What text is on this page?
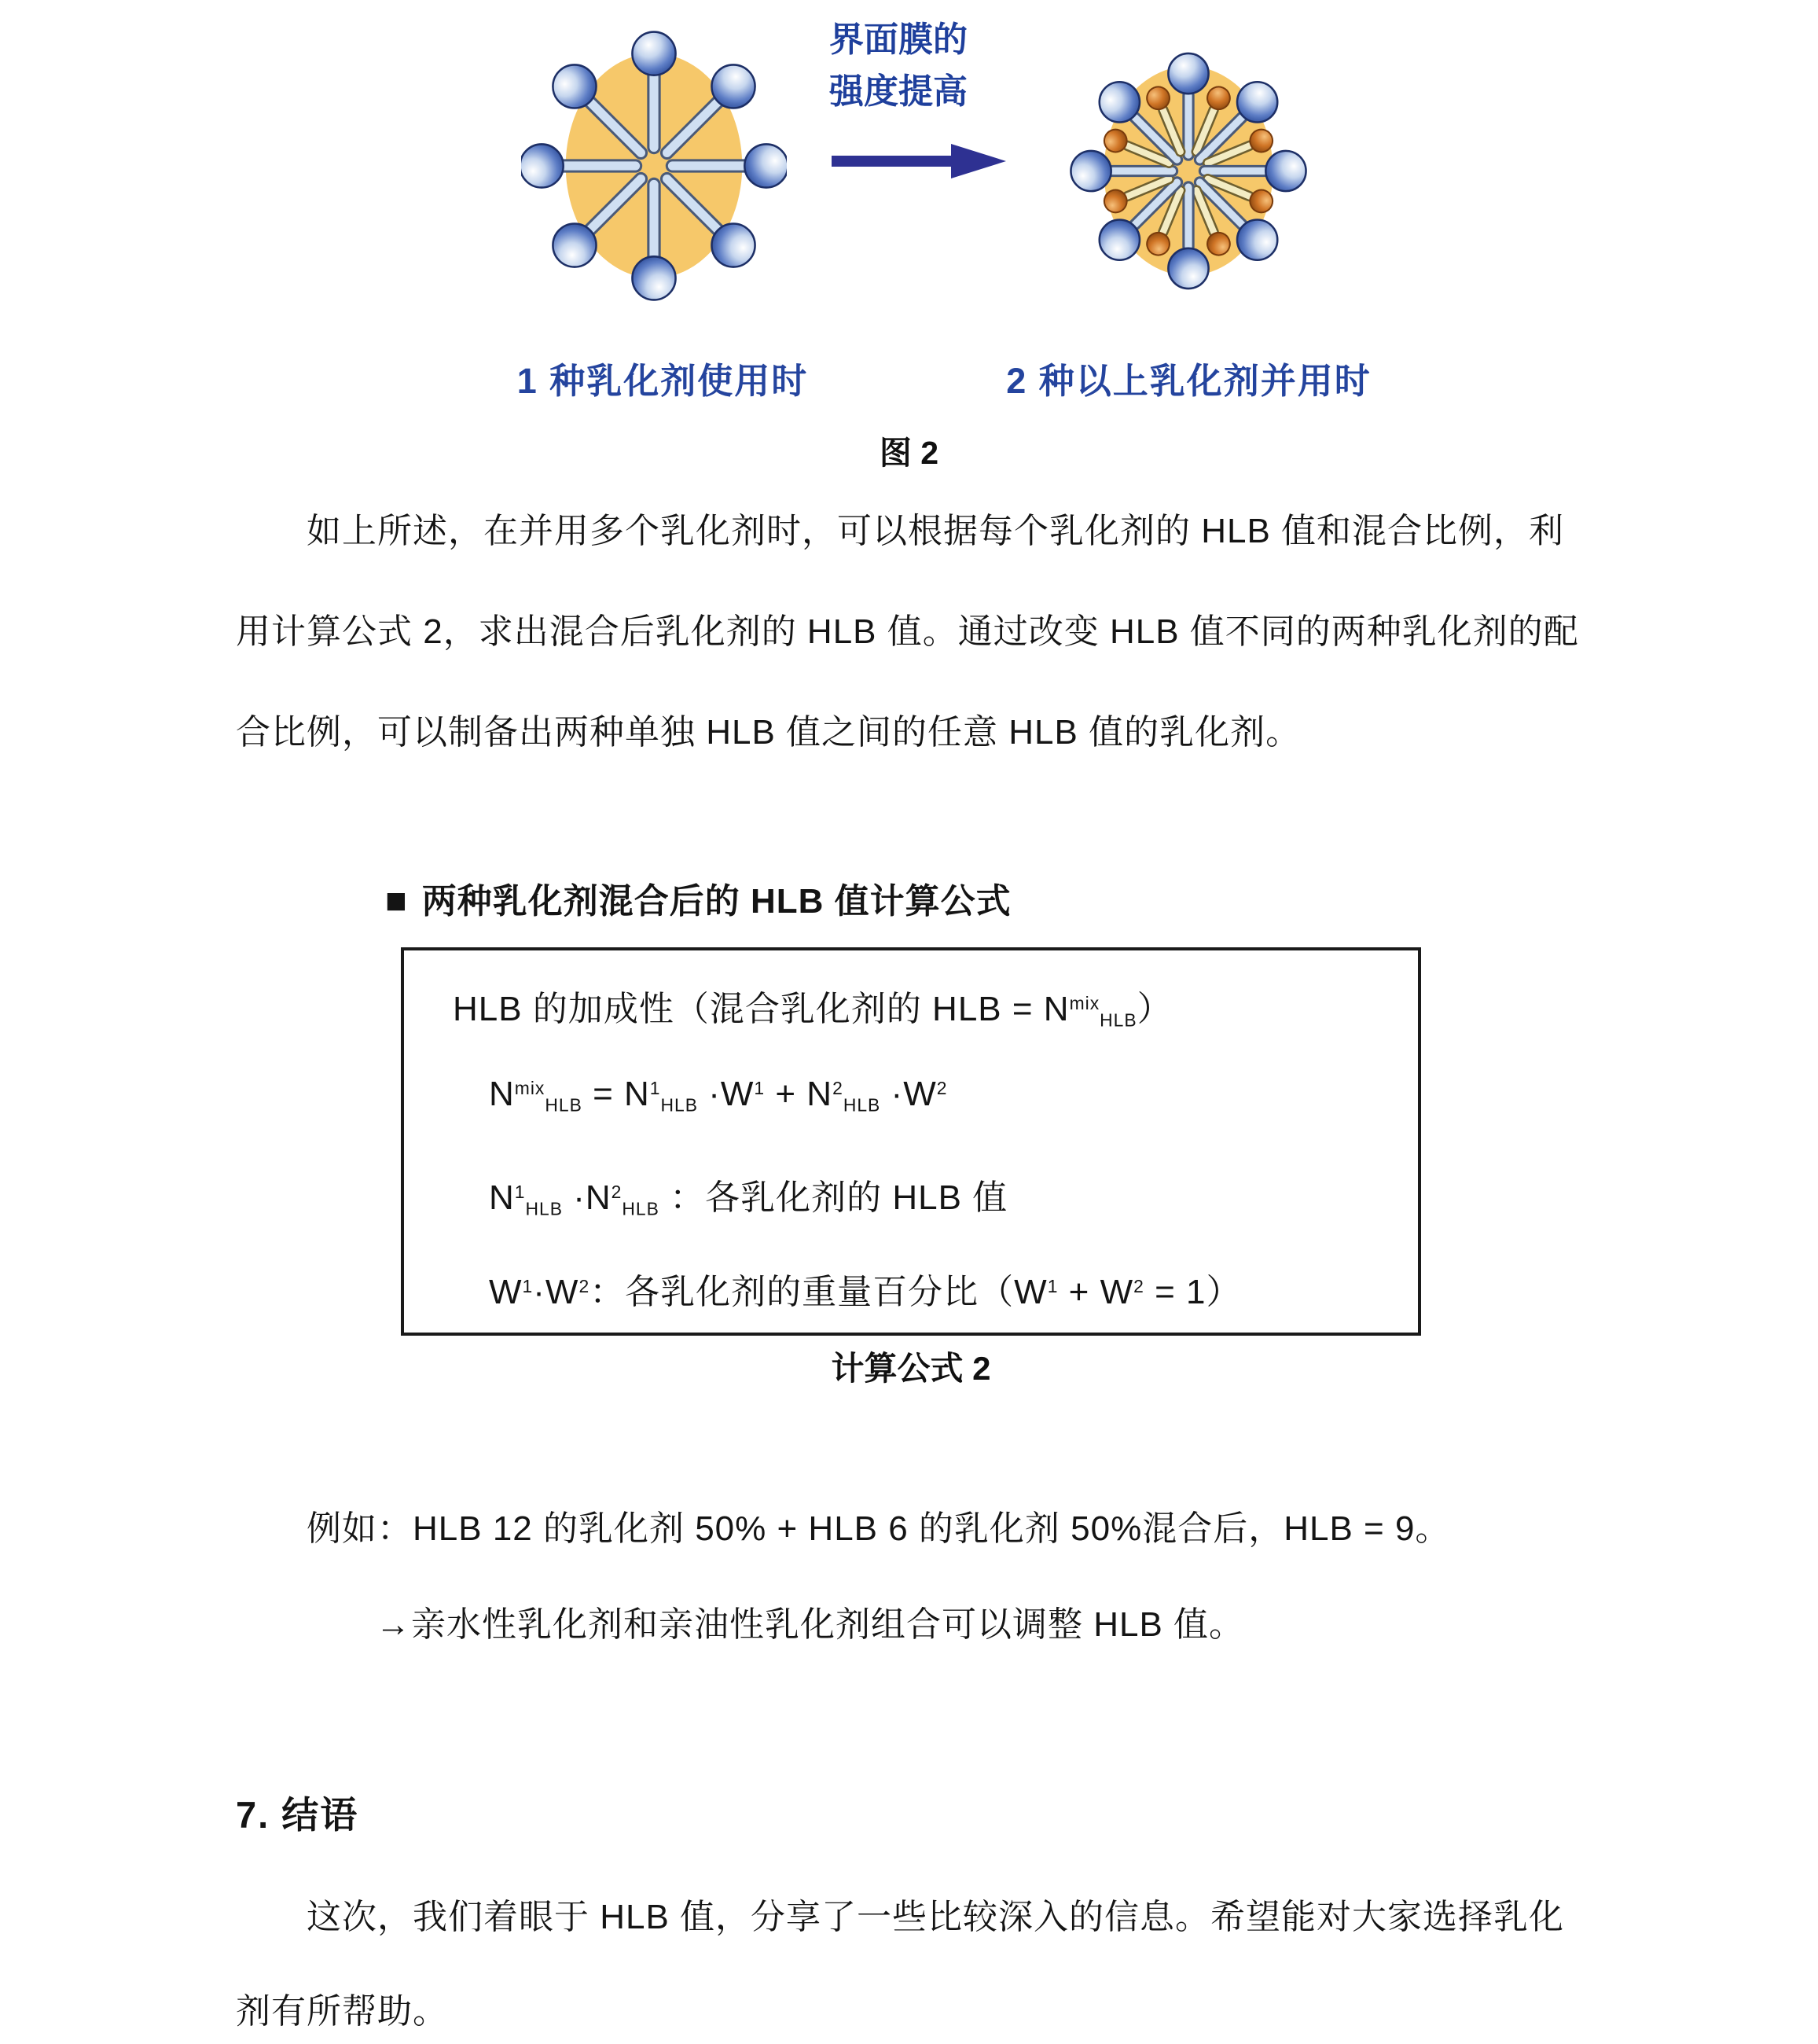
界面膜的
强度提高
1 种乳化剂使用时	2 种以上乳化剂并用时
图 2
如上所述，在并用多个乳化剂时，可以根据每个乳化剂的 HLB 值和混合比例，利
用计算公式 2，求出混合后乳化剂的 HLB 值。通过改变 HLB 值不同的两种乳化剂的配
合比例，可以制备出两种单独 HLB 值之间的任意 HLB 值的乳化剂。
■ 两种乳化剂混合后的 HLB 值计算公式
HLB 的加成性（混合乳化剂的 HLB = $N^{mix}_{HLB}$）
$N^{mix}_{HLB} = N^1_{HLB} \cdot W^1 + N^2_{HLB} \cdot W^2$
$N^1_{HLB} \cdot N^2_{HLB}$ ：各乳化剂的 HLB 值
$W^1\cdot W^2$：各乳化剂的重量百分比$(W^1 + W^2 = 1)$
计算公式 2
例如：HLB 12 的乳化剂 50% + HLB 6 的乳化剂 50%混合后，HLB = 9。
→亲水性乳化剂和亲油性乳化剂组合可以调整 HLB 值。
7. 结语
这次，我们着眼于 HLB 值，分享了一些比较深入的信息。希望能对大家选择乳化
剂有所帮助。
